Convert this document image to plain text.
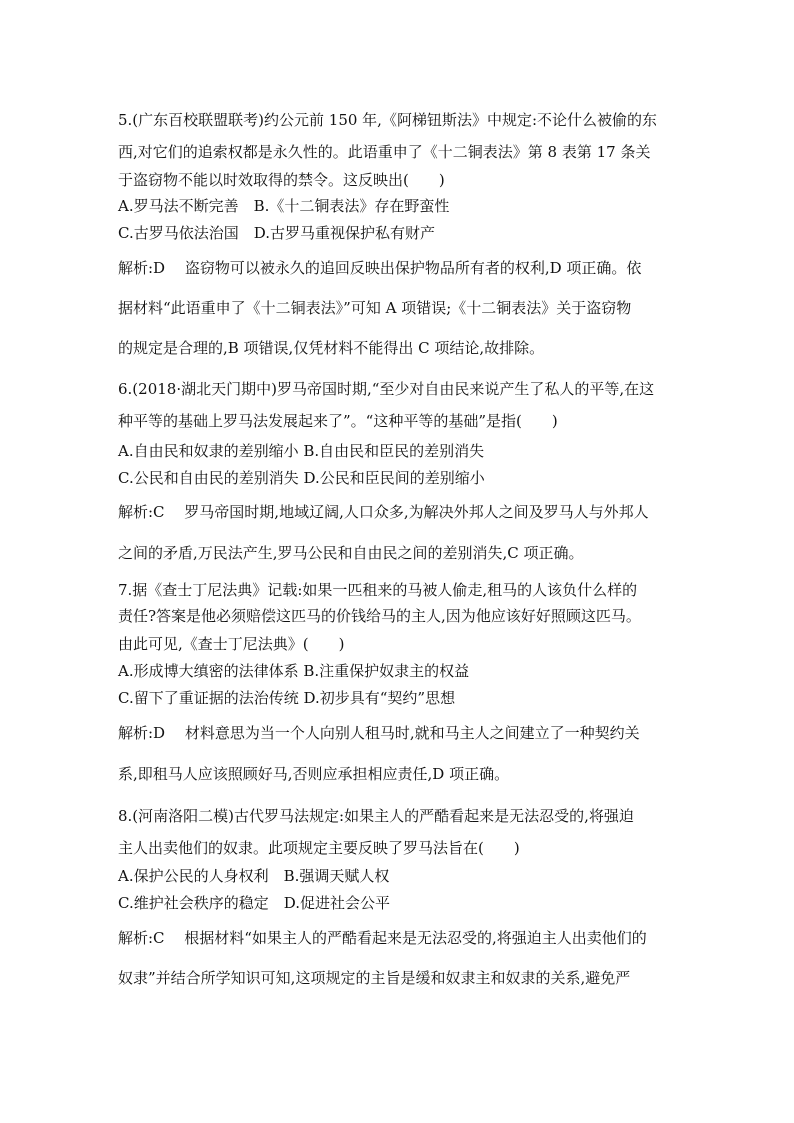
5.(广东百校联盟联考)约公元前 150 年,《阿梯钮斯法》中规定:不论什么被偷的东
西,对它们的追索权都是永久性的。此语重申了《十二铜表法》第 8 表第 17 条关
于盗窃物不能以时效取得的禁令。这反映出(　　)
A.罗马法不断完善　B.《十二铜表法》存在野蛮性
C.古罗马依法治国　D.古罗马重视保护私有财产
解析:D　 盗窃物可以被永久的追回反映出保护物品所有者的权利,D 项正确。依
据材料“此语重申了《十二铜表法》”可知 A 项错误;《十二铜表法》关于盗窃物
的规定是合理的,B 项错误,仅凭材料不能得出 C 项结论,故排除。
6.(2018·湖北天门期中)罗马帝国时期,“至少对自由民来说产生了私人的平等,在这
种平等的基础上罗马法发展起来了”。“这种平等的基础”是指(　　)
A.自由民和奴隶的差别缩小 B.自由民和臣民的差别消失
C.公民和自由民的差别消失 D.公民和臣民间的差别缩小
解析:C　 罗马帝国时期,地域辽阔,人口众多,为解决外邦人之间及罗马人与外邦人
之间的矛盾,万民法产生,罗马公民和自由民之间的差别消失,C 项正确。
7.据《查士丁尼法典》记载:如果一匹租来的马被人偷走,租马的人该负什么样的
责任?答案是他必须赔偿这匹马的价钱给马的主人,因为他应该好好照顾这匹马。
由此可见,《查士丁尼法典》(　　)
A.形成博大缜密的法律体系 B.注重保护奴隶主的权益
C.留下了重证据的法治传统 D.初步具有“契约”思想
解析:D　 材料意思为当一个人向别人租马时,就和马主人之间建立了一种契约关
系,即租马人应该照顾好马,否则应承担相应责任,D 项正确。
8.(河南洛阳二模)古代罗马法规定:如果主人的严酷看起来是无法忍受的,将强迫
主人出卖他们的奴隶。此项规定主要反映了罗马法旨在(　　)
A.保护公民的人身权利　B.强调天赋人权
C.维护社会秩序的稳定　D.促进社会公平
解析:C　 根据材料“如果主人的严酷看起来是无法忍受的,将强迫主人出卖他们的
奴隶”并结合所学知识可知,这项规定的主旨是缓和奴隶主和奴隶的关系,避免严
